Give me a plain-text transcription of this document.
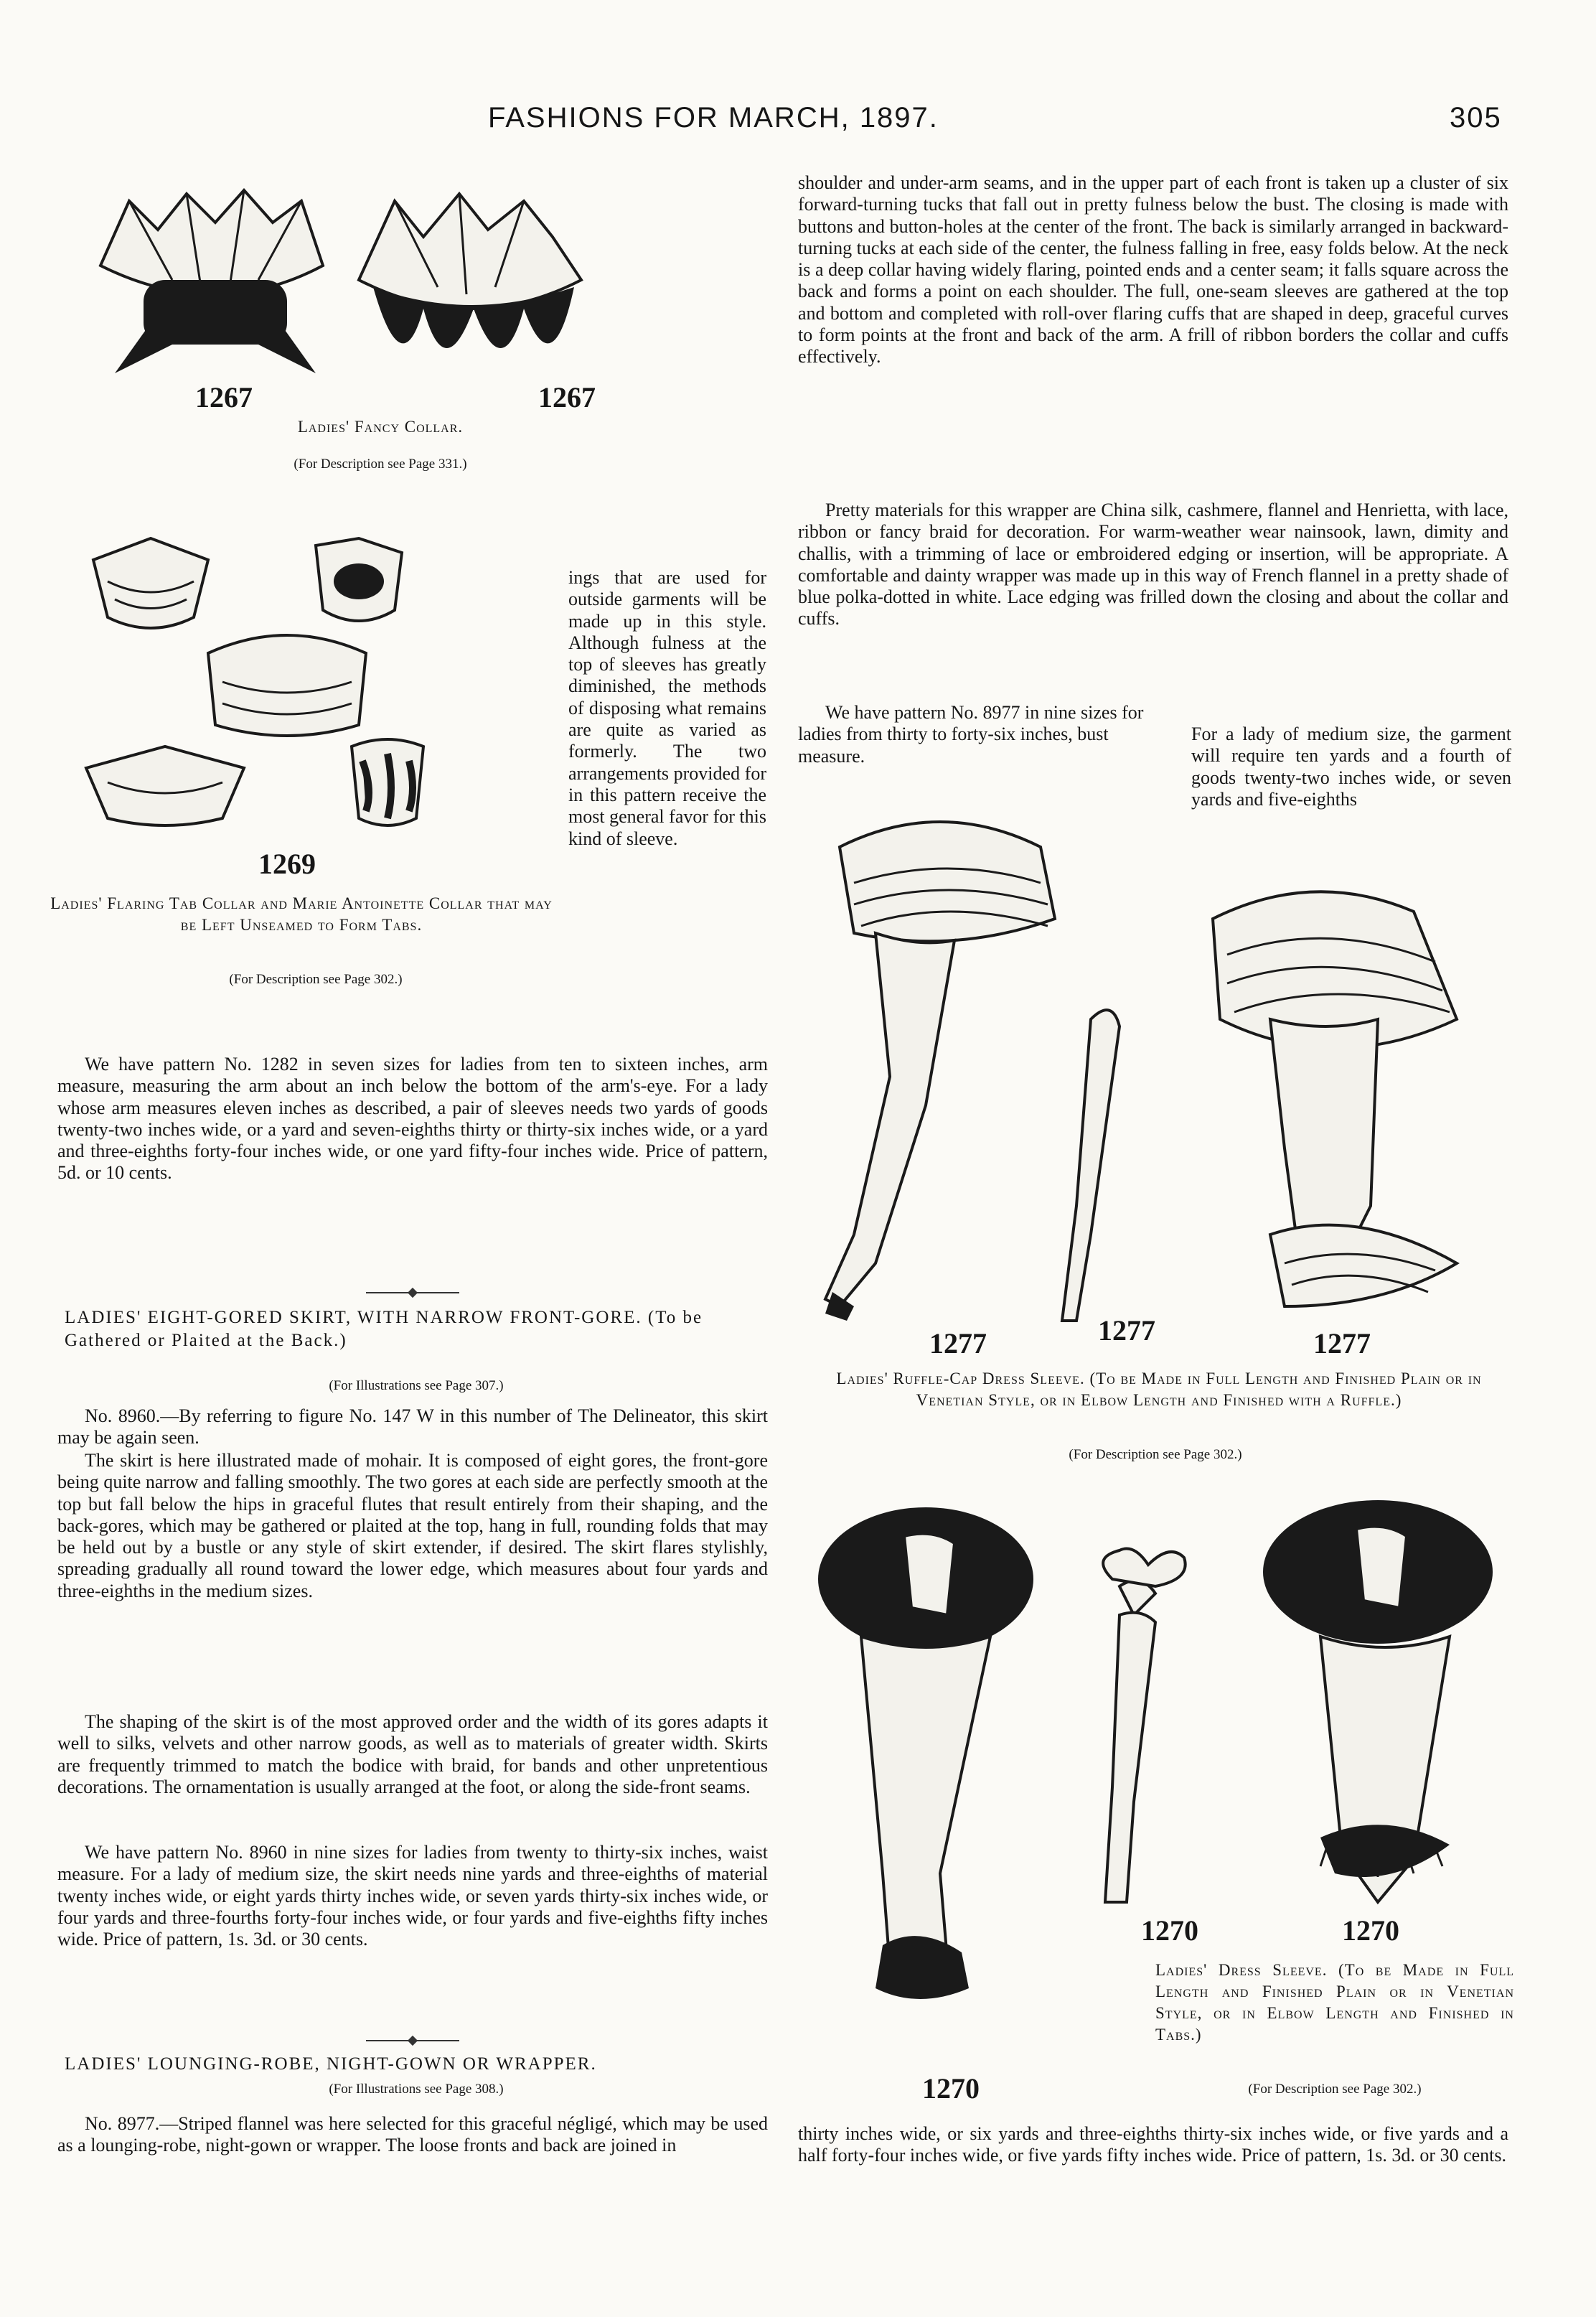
FASHIONS FOR MARCH, 1897.	305
1267	1267
Ladies' Fancy Collar.
(For Description see Page 331.)
1269
Ladies' Flaring Tab Collar and Marie Antoinette Collar that may be Left Unseamed to Form Tabs.
(For Description see Page 302.)

ings that are used for outside garments will be made up in this style. Although fulness at the top of sleeves has greatly diminished, the methods of disposing what remains are quite as varied as formerly. The two arrangements provided for in this pattern receive the most general favor for this kind of sleeve.

We have pattern No. 1282 in seven sizes for ladies from ten to sixteen inches, arm measure, measuring the arm about an inch below the bottom of the arm's-eye. For a lady whose arm measures eleven inches as described, a pair of sleeves needs two yards of goods twenty-two inches wide, or a yard and seven-eighths thirty or thirty-six inches wide, or a yard and three-eighths forty-four inches wide, or one yard fifty-four inches wide. Price of pattern, 5d. or 10 cents.

LADIES' EIGHT-GORED SKIRT, WITH NARROW FRONT-GORE. (To be Gathered or Plaited at the Back.)
(For Illustrations see Page 307.)

No. 8960.—By referring to figure No. 147 W in this number of The Delineator, this skirt may be again seen.

The skirt is here illustrated made of mohair. It is composed of eight gores, the front-gore being quite narrow and falling smoothly. The two gores at each side are perfectly smooth at the top but fall below the hips in graceful flutes that result entirely from their shaping, and the back-gores, which may be gathered or plaited at the top, hang in full, rounding folds that may be held out by a bustle or any style of skirt extender, if desired. The skirt flares stylishly, spreading gradually all round toward the lower edge, which measures about four yards and three-eighths in the medium sizes.

The shaping of the skirt is of the most approved order and the width of its gores adapts it well to silks, velvets and other narrow goods, as well as to materials of greater width. Skirts are frequently trimmed to match the bodice with braid, for bands and other unpretentious decorations. The ornamentation is usually arranged at the foot, or along the side-front seams.

We have pattern No. 8960 in nine sizes for ladies from twenty to thirty-six inches, waist measure. For a lady of medium size, the skirt needs nine yards and three-eighths of material twenty inches wide, or eight yards thirty inches wide, or seven yards thirty-six inches wide, or four yards and three-fourths forty-four inches wide, or four yards and five-eighths fifty inches wide. Price of pattern, 1s. 3d. or 30 cents.

LADIES' LOUNGING-ROBE, NIGHT-GOWN OR WRAPPER.
(For Illustrations see Page 308.)

No. 8977.—Striped flannel was here selected for this graceful négligé, which may be used as a lounging-robe, night-gown or wrapper. The loose fronts and back are joined in

shoulder and under-arm seams, and in the upper part of each front is taken up a cluster of six forward-turning tucks that fall out in pretty fulness below the bust. The closing is made with buttons and button-holes at the center of the front. The back is similarly arranged in backward-turning tucks at each side of the center, the fulness falling in free, easy folds below. At the neck is a deep collar having widely flaring, pointed ends and a center seam; it falls square across the back and forms a point on each shoulder. The full, one-seam sleeves are gathered at the top and bottom and completed with roll-over flaring cuffs that are shaped in deep, graceful curves to form points at the front and back of the arm. A frill of ribbon borders the collar and cuffs effectively.

Pretty materials for this wrapper are China silk, cashmere, flannel and Henrietta, with lace, ribbon or fancy braid for decoration. For warm-weather wear nainsook, lawn, dimity and challis, with a trimming of lace or embroidered edging or insertion, will be appropriate. A comfortable and dainty wrapper was made up in this way of French flannel in a pretty shade of blue polka-dotted in white. Lace edging was frilled down the closing and about the collar and cuffs.

We have pattern No. 8977 in nine sizes for ladies from thirty to forty-six inches, bust measure.

For a lady of medium size, the garment will require ten yards and a fourth of goods twenty-two inches wide, or seven yards and five-eighths

1277	1277	1277
Ladies' Ruffle-Cap Dress Sleeve. (To be Made in Full Length and Finished Plain or in Venetian Style, or in Elbow Length and Finished with a Ruffle.)
(For Description see Page 302.)
1270	1270
1270
Ladies' Dress Sleeve. (To be Made in Full Length and Finished Plain or in Venetian Style, or in Elbow Length and Finished in Tabs.)
(For Description see Page 302.)

thirty inches wide, or six yards and three-eighths thirty-six inches wide, or five yards and a half forty-four inches wide, or five yards fifty inches wide. Price of pattern, 1s. 3d. or 30 cents.
